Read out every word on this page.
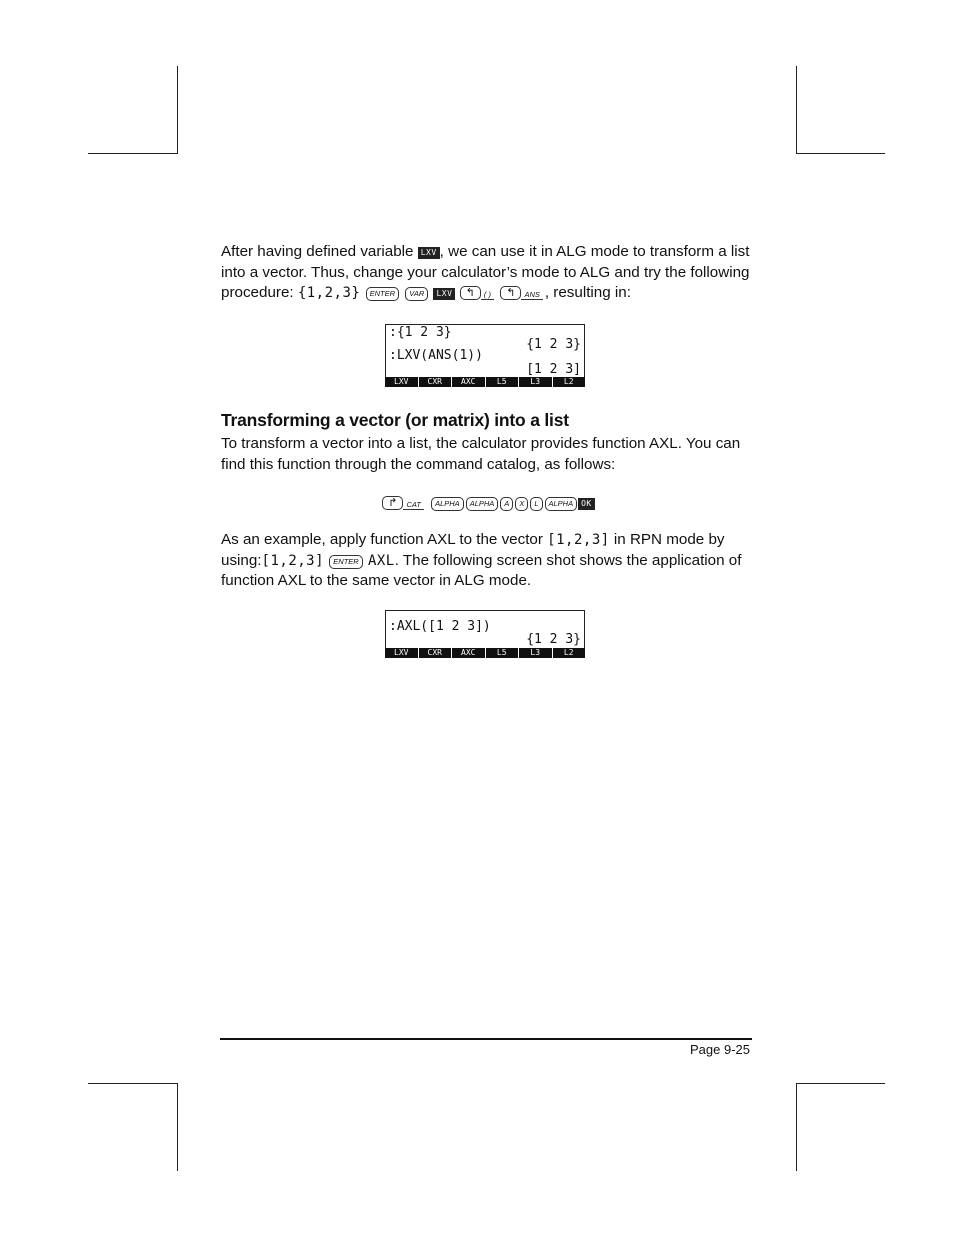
After having defined variable LXV , we can use it in ALG mode to transform a list into a vector. Thus, change your calculator’s mode to ALG and try the following procedure: {1,2,3} ENTER VAR LXV ↰ ( ) ↰ ANS , resulting in:
:{1 2 3}
{1 2 3}
:LXV(ANS(1))
[1 2 3]
LXV	CXR	AXC	L5	L3	L2
Transforming a vector (or matrix) into a list
To transform a vector into a list, the calculator provides function AXL. You can find this function through the command catalog, as follows:
↱ CAT ALPHA ALPHA A X L ALPHA OK
As an example, apply function AXL to the vector [1,2,3] in RPN mode by using:[1,2,3] ENTER AXL. The following screen shot shows the application of function AXL to the same vector in ALG mode.
:AXL([1 2 3])
{1 2 3}
LXV	CXR	AXC	L5	L3	L2
Page 9-25
